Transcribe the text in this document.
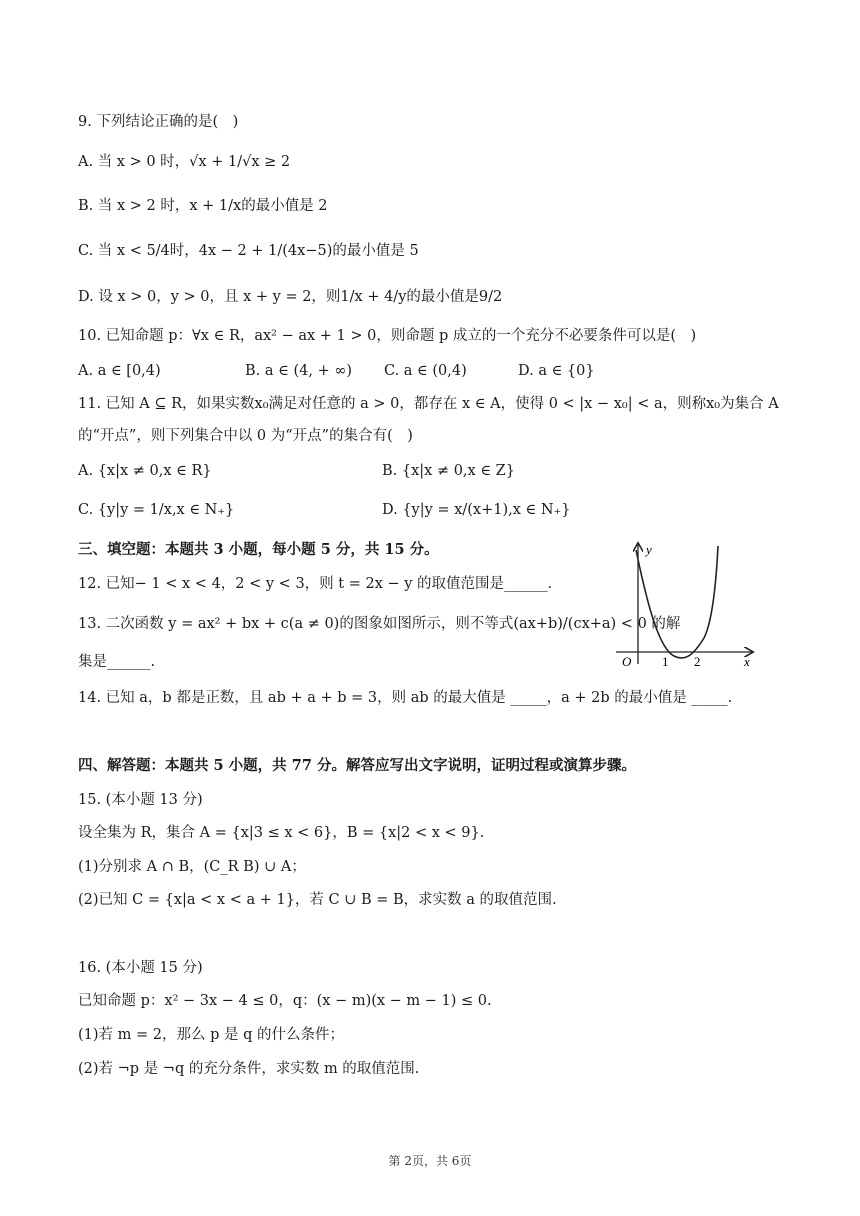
9. 下列结论正确的是(　)
A. 当 x > 0 时，√x + 1/√x ≥ 2
B. 当 x > 2 时，x + 1/x的最小值是 2
C. 当 x < 5/4时，4x − 2 + 1/(4x−5)的最小值是 5
D. 设 x > 0，y > 0，且 x + y = 2，则1/x + 4/y的最小值是9/2
10. 已知命题 p：∀x ∈ R，ax² − ax + 1 > 0，则命题 p 成立的一个充分不必要条件可以是(　)
A. a ∈ [0,4)	B. a ∈ (4, + ∞) C. a ∈ (0,4)	D. a ∈ {0}
11. 已知 A ⊆ R，如果实数x₀满足对任意的 a > 0，都存在 x ∈ A，使得 0 < |x − x₀| < a，则称x₀为集合 A
的“开点”，则下列集合中以 0 为“开点”的集合有(　)
A. {x|x ≠ 0,x ∈ R}	B. {x|x ≠ 0,x ∈ Z}
C. {y|y = 1/x,x ∈ N₊}	D. {y|y = x/(x+1),x ∈ N₊}
三、填空题：本题共 3 小题，每小题 5 分，共 15 分。
12. 已知− 1 < x < 4，2 < y < 3，则 t = 2x − y 的取值范围是______.
13. 二次函数 y = ax² + bx + c(a ≠ 0)的图象如图所示，则不等式(ax+b)/(cx+a) < 0 的解
集是______.
y
x
O 1 2
14. 已知 a，b 都是正数，且 ab + a + b = 3，则 ab 的最大值是 _____，a + 2b 的最小值是 _____.
四、解答题：本题共 5 小题，共 77 分。解答应写出文字说明，证明过程或演算步骤。
15. (本小题 13 分)
设全集为 R，集合 A = {x|3 ≤ x < 6}，B = {x|2 < x < 9}.
(1)分别求 A ∩ B，(C_R B) ∪ A；
(2)已知 C = {x|a < x < a + 1}，若 C ∪ B = B，求实数 a 的取值范围.
16. (本小题 15 分)
已知命题 p：x² − 3x − 4 ≤ 0，q：(x − m)(x − m − 1) ≤ 0.
(1)若 m = 2，那么 p 是 q 的什么条件；
(2)若 ¬p 是 ¬q 的充分条件，求实数 m 的取值范围.
第 2页，共 6页
